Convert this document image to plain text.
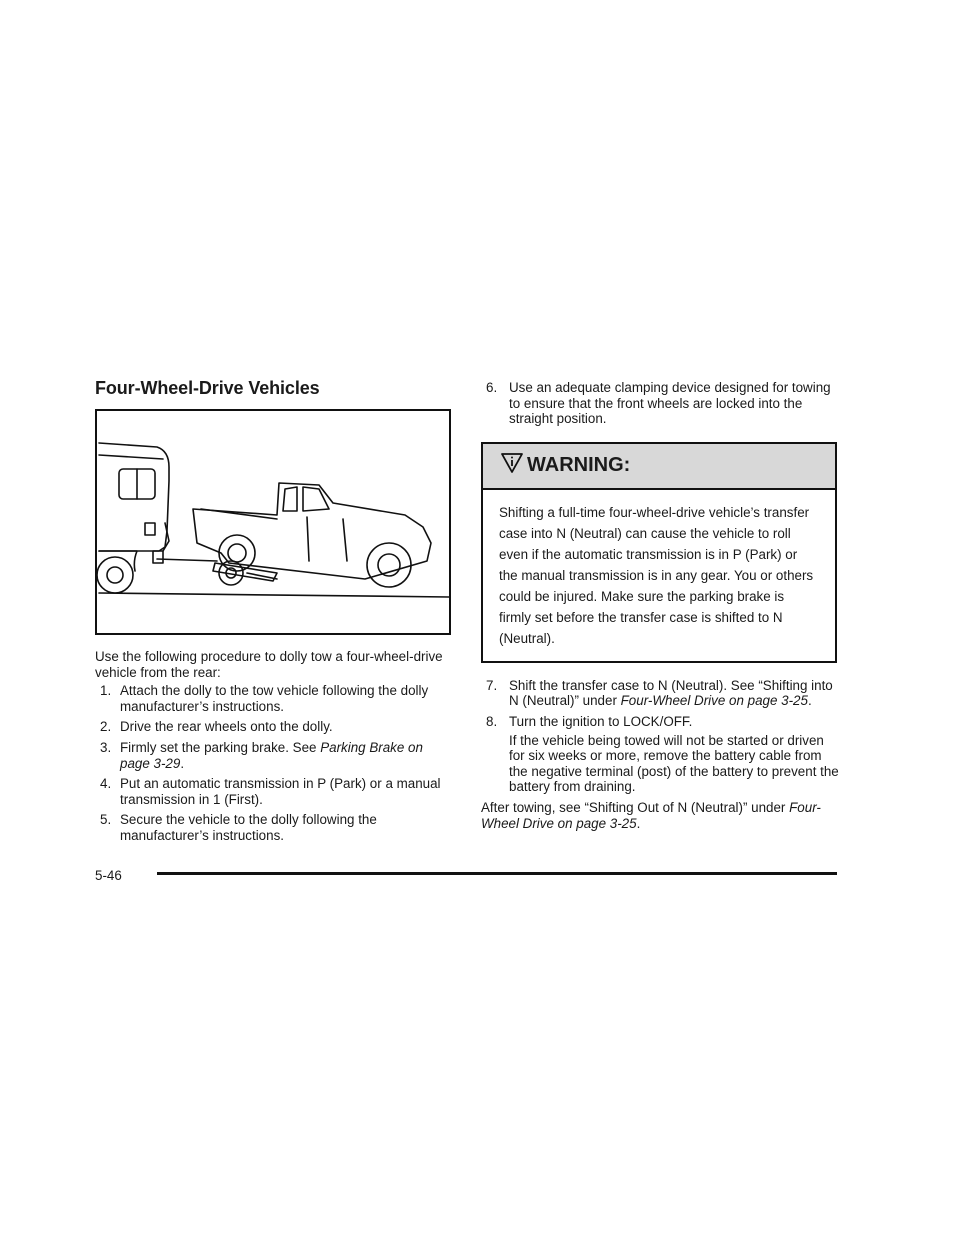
Four-Wheel-Drive Vehicles

Use the following procedure to dolly tow a four-wheel-drive vehicle from the rear:

1. Attach the dolly to the tow vehicle following the dolly manufacturer’s instructions.
2. Drive the rear wheels onto the dolly.
3. Firmly set the parking brake. See Parking Brake on page 3-29.
4. Put an automatic transmission in P (Park) or a manual transmission in 1 (First).
5. Secure the vehicle to the dolly following the manufacturer’s instructions.
6. Use an adequate clamping device designed for towing to ensure that the front wheels are locked into the straight position.
WARNING:

Shifting a full-time four-wheel-drive vehicle’s transfer case into N (Neutral) can cause the vehicle to roll even if the automatic transmission is in P (Park) or the manual transmission is in any gear. You or others could be injured. Make sure the parking brake is firmly set before the transfer case is shifted to N (Neutral).

7. Shift the transfer case to N (Neutral). See “Shifting into N (Neutral)” under Four-Wheel Drive on page 3-25.
8. Turn the ignition to LOCK/OFF.

If the vehicle being towed will not be started or driven for six weeks or more, remove the battery cable from the negative terminal (post) of the battery to prevent the battery from draining.

After towing, see “Shifting Out of N (Neutral)” under Four-Wheel Drive on page 3-25.

5-46
